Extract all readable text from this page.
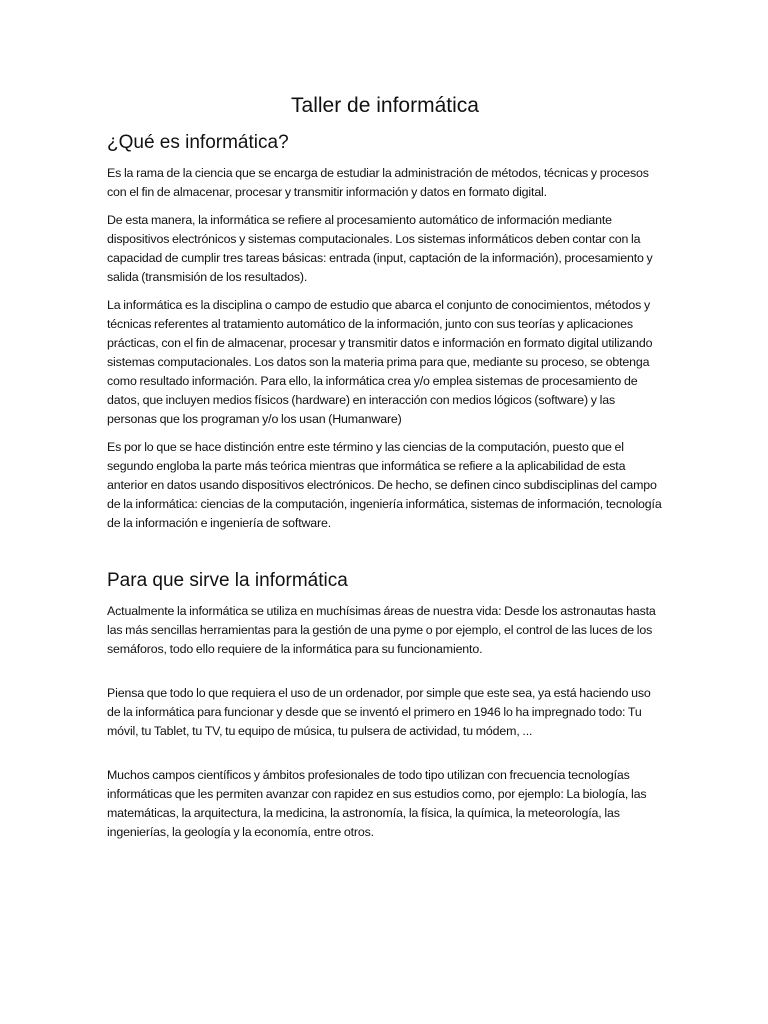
Taller de informática
¿Qué es informática?

Es la rama de la ciencia que se encarga de estudiar la administración de métodos, técnicas y procesos con el fin de almacenar, procesar y transmitir información y datos en formato digital.

De esta manera, la informática se refiere al procesamiento automático de información mediante dispositivos electrónicos y sistemas computacionales. Los sistemas informáticos deben contar con la capacidad de cumplir tres tareas básicas: entrada (input, captación de la información), procesamiento y salida (transmisión de los resultados).

La informática es la disciplina o campo de estudio que abarca el conjunto de conocimientos, métodos y técnicas referentes al tratamiento automático de la información, junto con sus teorías y aplicaciones prácticas, con el fin de almacenar, procesar y transmitir datos e información en formato digital utilizando sistemas computacionales. Los datos son la materia prima para que, mediante su proceso, se obtenga como resultado información. Para ello, la informática crea y/o emplea sistemas de procesamiento de datos, que incluyen medios físicos (hardware) en interacción con medios lógicos (software) y las personas que los programan y/o los usan (Humanware)

Es por lo que se hace distinción entre este término y las ciencias de la computación, puesto que el segundo engloba la parte más teórica mientras que informática se refiere a la aplicabilidad de esta anterior en datos usando dispositivos electrónicos. De hecho, se definen cinco subdisciplinas del campo de la informática: ciencias de la computación, ingeniería informática, sistemas de información, tecnología de la información e ingeniería de software.

Para que sirve la informática

Actualmente la informática se utiliza en muchísimas áreas de nuestra vida: Desde los astronautas hasta las más sencillas herramientas para la gestión de una pyme o por ejemplo, el control de las luces de los semáforos, todo ello requiere de la informática para su funcionamiento.

Piensa que todo lo que requiera el uso de un ordenador, por simple que este sea, ya está haciendo uso de la informática para funcionar y desde que se inventó el primero en 1946 lo ha impregnado todo: Tu móvil, tu Tablet, tu TV, tu equipo de música, tu pulsera de actividad, tu módem, ...

Muchos campos científicos y ámbitos profesionales de todo tipo utilizan con frecuencia tecnologías informáticas que les permiten avanzar con rapidez en sus estudios como, por ejemplo: La biología, las matemáticas, la arquitectura, la medicina, la astronomía, la física, la química, la meteorología, las ingenierías, la geología y la economía, entre otros.
